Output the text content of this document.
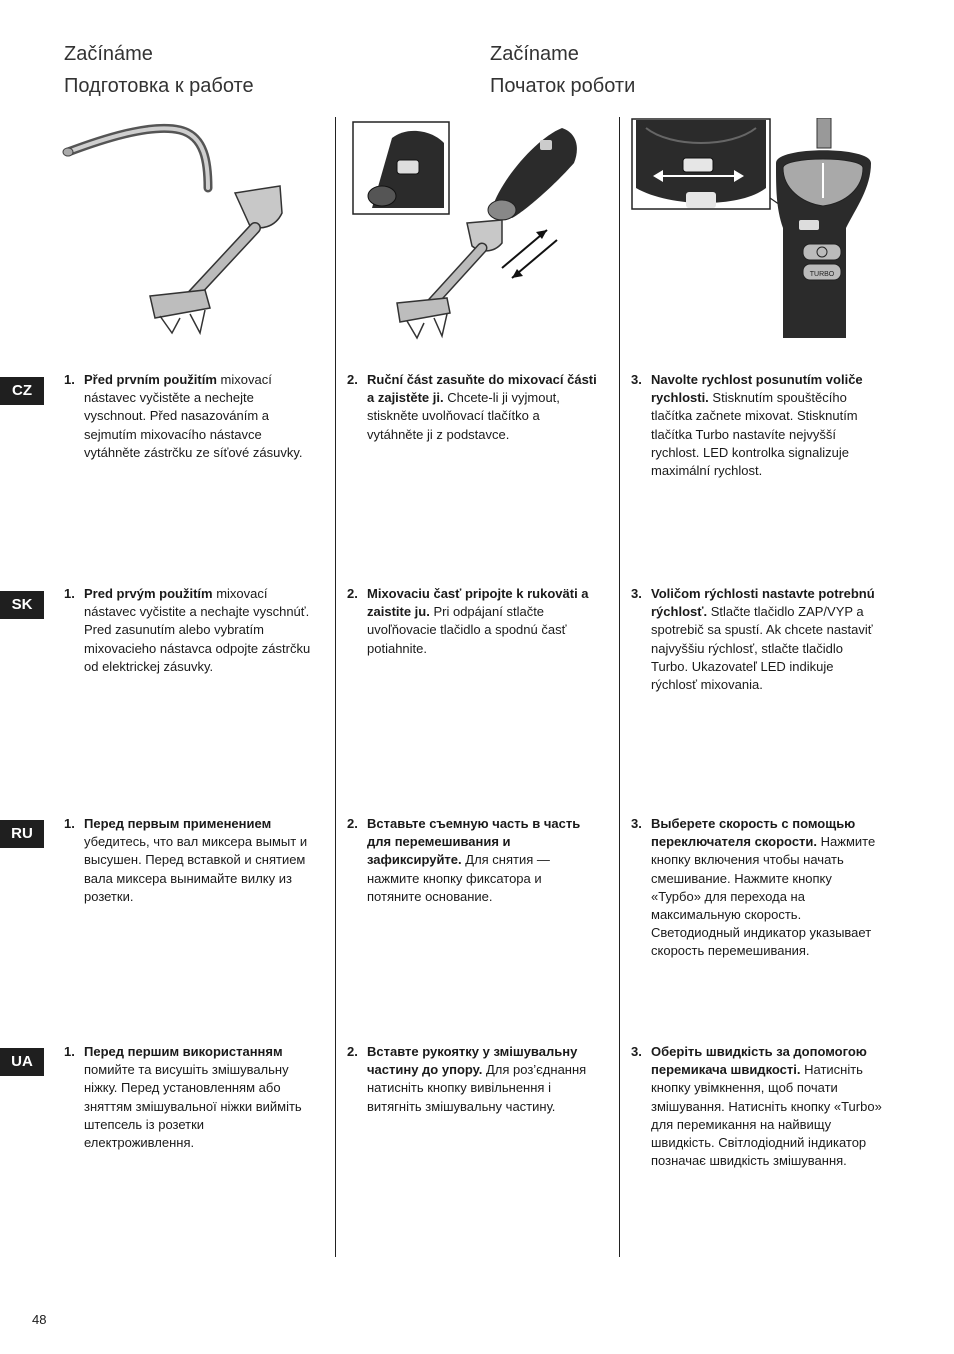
Začínáme
Подготовка к работе
Začíname
Початок роботи
TURBO
CZ
SK
RU
UA
1. Před prvním použitím mixovací nástavec vyčistěte a nechejte vyschnout. Před nasazováním a sejmutím mixovacího nástavce vytáhněte zástrčku ze síťové zásuvky.
2. Ruční část zasuňte do mixovací části a zajistěte ji. Chcete-li ji vyjmout, stiskněte uvolňovací tlačítko a vytáhněte ji z podstavce.
3. Navolte rychlost posunutím voliče rychlosti. Stisknutím spouštěcího tlačítka začnete mixovat. Stisknutím tlačítka Turbo nastavíte nejvyšší rychlost. LED kontrolka signalizuje maximální rychlost.
1. Pred prvým použitím mixovací nástavec vyčistite a nechajte vyschnúť. Pred zasunutím alebo vybratím mixovacieho nástavca odpojte zástrčku od elektrickej zásuvky.
2. Mixovaciu časť pripojte k rukoväti a zaistite ju. Pri odpájaní stlačte uvoľňovacie tlačidlo a spodnú časť potiahnite.
3. Voličom rýchlosti nastavte potrebnú rýchlosť. Stlačte tlačidlo ZAP/VYP a spotrebič sa spustí. Ak chcete nastaviť najvyššiu rýchlosť, stlačte tlačidlo Turbo. Ukazovateľ LED indikuje rýchlosť mixovania.
1. Перед первым применением убедитесь, что вал миксера вымыт и высушен. Перед вставкой и снятием вала миксера вынимайте вилку из розетки.
2. Вставьте съемную часть в часть для перемешивания и зафиксируйте. Для снятия — нажмите кнопку фиксатора и потяните основание.
3. Выберете скорость с помощью переключателя скорости. Нажмите кнопку включения чтобы начать смешивание. Нажмите кнопку «Турбо» для перехода на максимальную скорость. Светодиодный индикатор указывает скорость перемешивания.
1. Перед першим використанням помийте та висушіть змішувальну ніжку. Перед установленням або зняттям змішувальної ніжки вийміть штепсель із розетки електроживлення.
2. Вставте рукоятку у змішувальну частину до упору. Для роз’єднання натисніть кнопку вивільнення і витягніть змішувальну частину.
3. Оберіть швидкість за допомогою перемикача швидкості. Натисніть кнопку увімкнення, щоб почати змішування. Натисніть кнопку «Turbo» для перемикання на найвищу швидкість. Світлодіодний індикатор позначає швидкість змішування.
48
